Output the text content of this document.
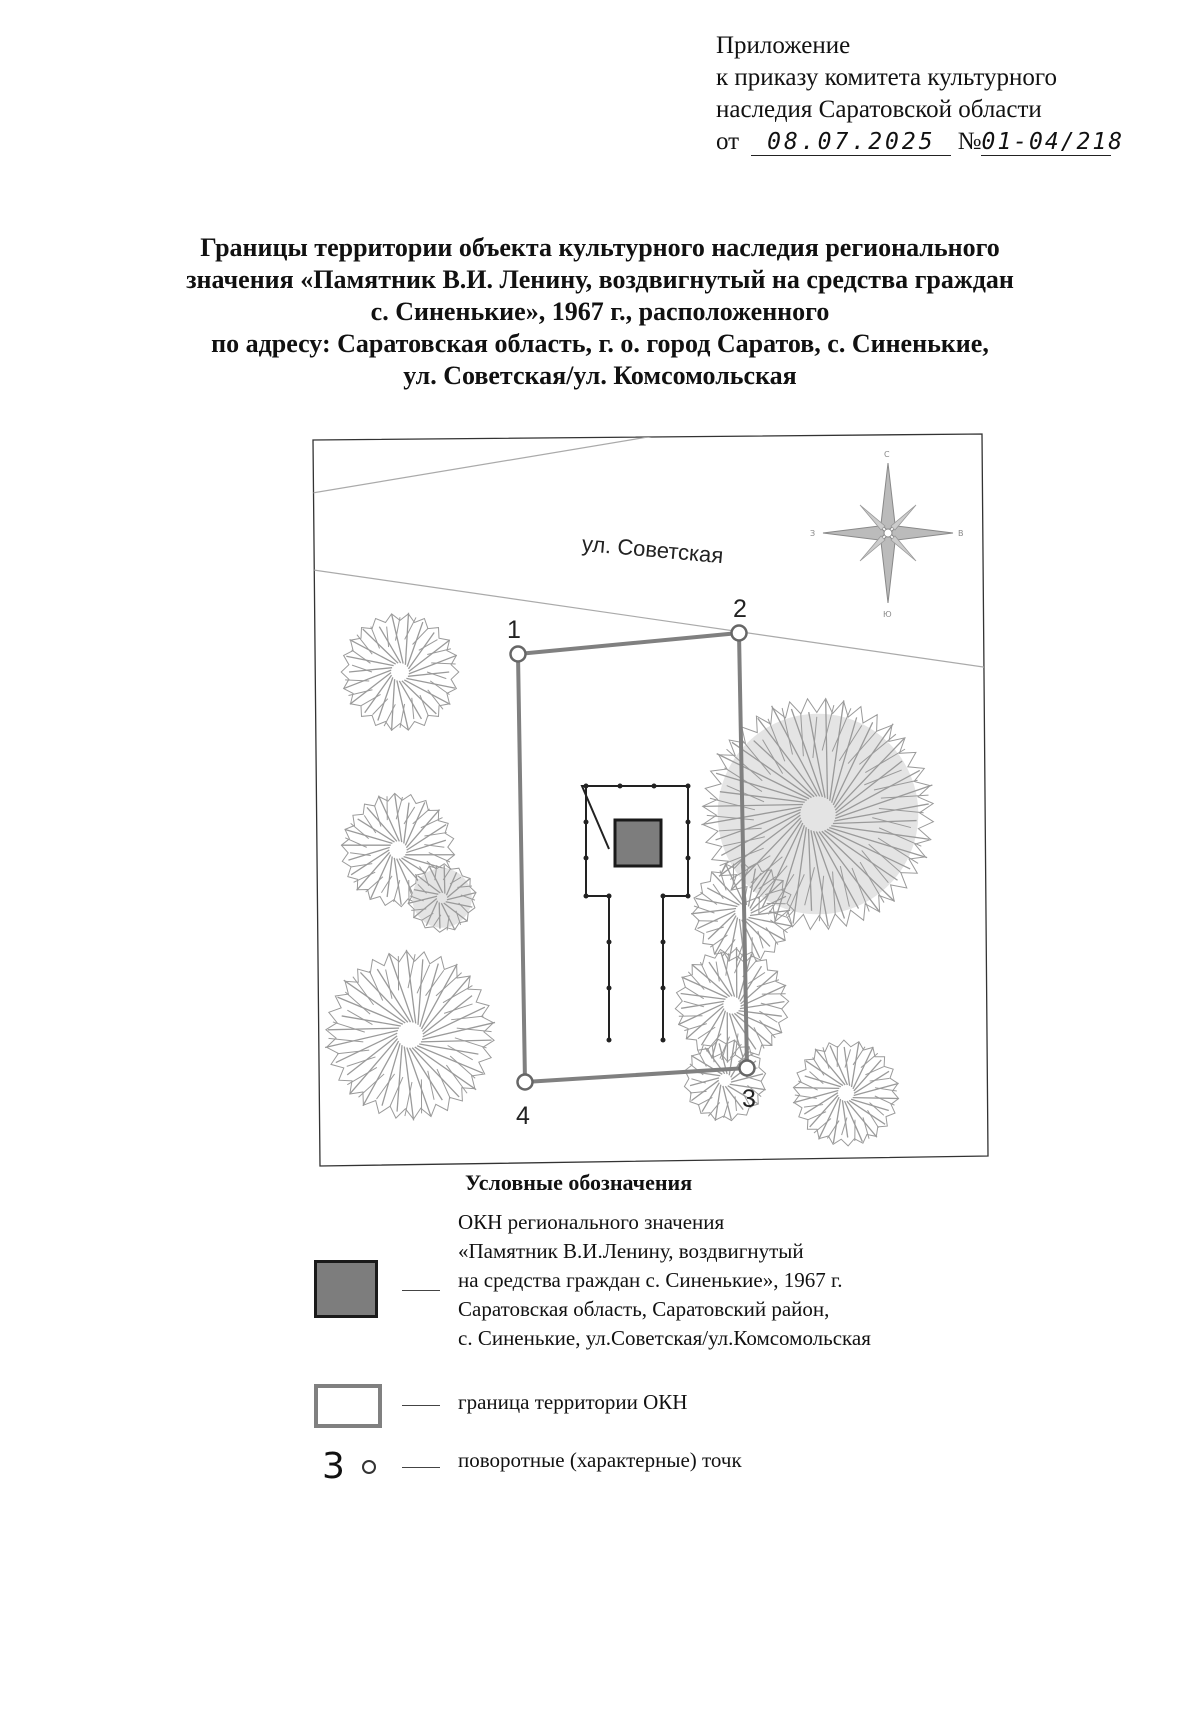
Приложение
к приказу комитета культурного
наследия Саратовской области
от 08.07.2025 №01-04/218
Границы территории объекта культурного наследия регионального
значения «Памятник В.И. Ленину, воздвигнутый на средства граждан
с. Синенькие», 1967 г., расположенного
по адресу: Саратовская область, г. о. город Саратов, с. Синенькие,
ул. Советская/ул. Комсомольская
ул. Советская
С
Ю
З	В
1
2
3
4
Условные обозначения
ОКН регионального значения
«Памятник В.И.Ленину, воздвигнутый
на средства граждан с. Синенькие», 1967 г.
Саратовская область, Саратовский район,
с. Синенькие, ул.Советская/ул.Комсомольская
граница территории ОКН
3	поворотные (характерные) точк
